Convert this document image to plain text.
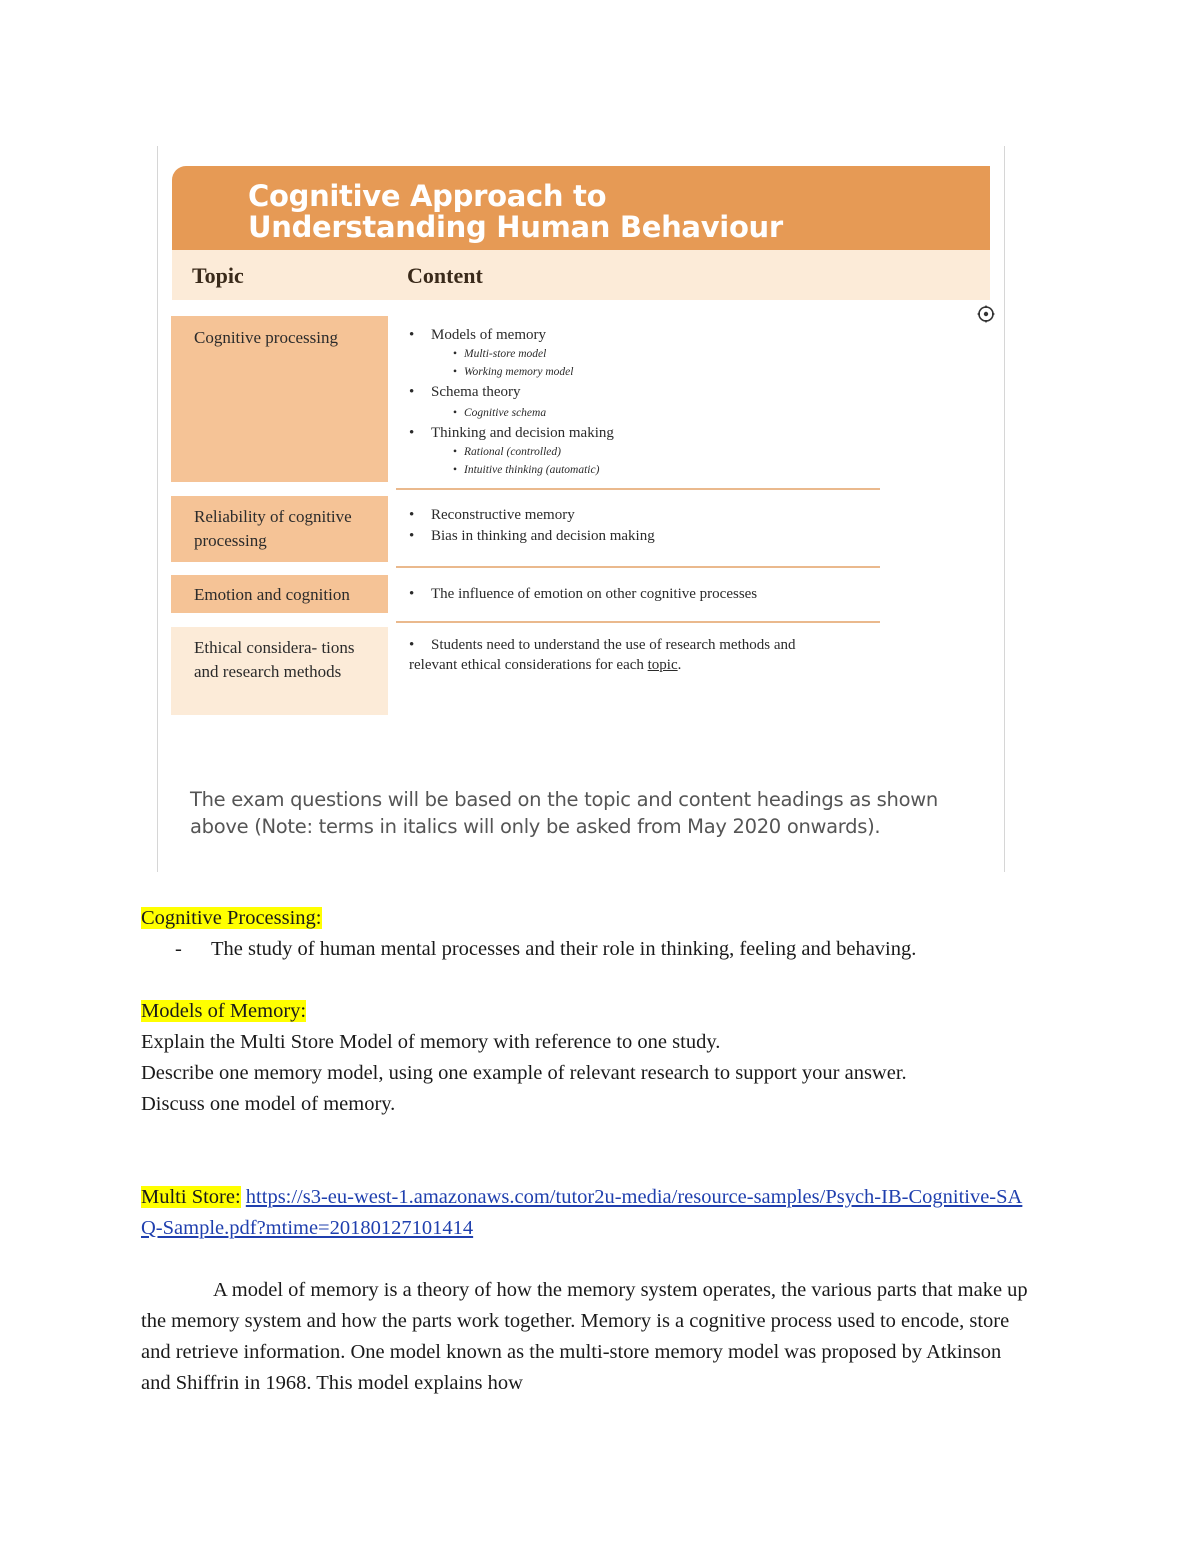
Cognitive Approach to
Understanding Human Behaviour
Topic	Content
Cognitive processing
Reliability of cognitive processing
Emotion and cognition
Ethical considera- tions and research methods
• Models of memory
• Multi-store model
• Working memory model
• Schema theory
• Cognitive schema
• Thinking and decision making
• Rational (controlled)
• Intuitive thinking (automatic)
• Reconstructive memory
• Bias in thinking and decision making
• The influence of emotion on other cognitive processes
• Students need to understand the use of research methods and
relevant ethical considerations for each topic.
The exam questions will be based on the topic and content headings as shown above (Note: terms in italics will only be asked from May 2020 onwards).
Cognitive Processing:
- The study of human mental processes and their role in thinking, feeling and behaving.
Models of Memory:
Explain the Multi Store Model of memory with reference to one study.
Describe one memory model, using one example of relevant research to support your answer.
Discuss one model of memory.
Multi Store: https://s3-eu-west-1.amazonaws.com/tutor2u-media/resource-samples/Psych-IB-Cognitive-SAQ-Sample.pdf?mtime=20180127101414
A model of memory is a theory of how the memory system operates, the various parts that make up the memory system and how the parts work together. Memory is a cognitive process used to encode, store and retrieve information. One model known as the multi-store memory model was proposed by Atkinson and Shiffrin in 1968. This model explains how
